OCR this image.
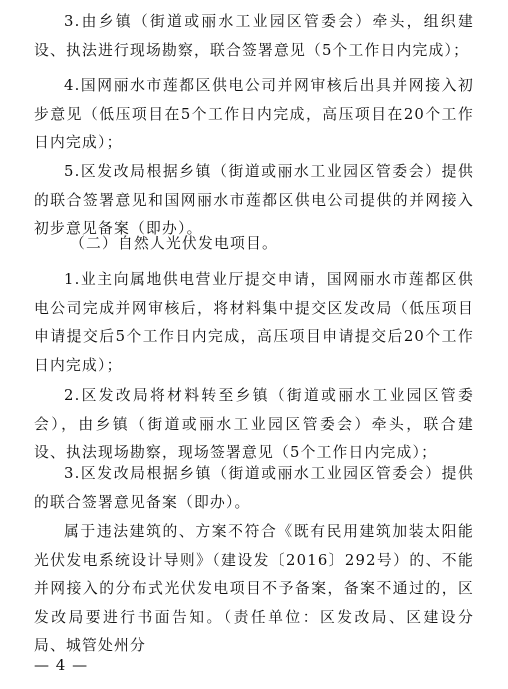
3.由乡镇（街道或丽水工业园区管委会）牵头，组织建设、执法进行现场勘察，联合签署意见（5个工作日内完成）；

4.国网丽水市莲都区供电公司并网审核后出具并网接入初步意见（低压项目在5个工作日内完成，高压项目在20个工作日内完成）；

5.区发改局根据乡镇（街道或丽水工业园区管委会）提供的联合签署意见和国网丽水市莲都区供电公司提供的并网接入初步意见备案（即办）。

（二）自然人光伏发电项目。

1.业主向属地供电营业厅提交申请，国网丽水市莲都区供电公司完成并网审核后，将材料集中提交区发改局（低压项目申请提交后5个工作日内完成，高压项目申请提交后20个工作日内完成）；

2.区发改局将材料转至乡镇（街道或丽水工业园区管委会），由乡镇（街道或丽水工业园区管委会）牵头，联合建设、执法现场勘察，现场签署意见（5个工作日内完成）；

3.区发改局根据乡镇（街道或丽水工业园区管委会）提供的联合签署意见备案（即办）。

属于违法建筑的、方案不符合《既有民用建筑加装太阳能光伏发电系统设计导则》（建设发〔2016〕292号）的、不能并网接入的分布式光伏发电项目不予备案，备案不通过的，区发改局要进行书面告知。（责任单位：区发改局、区建设分局、城管处州分

— 4 —
